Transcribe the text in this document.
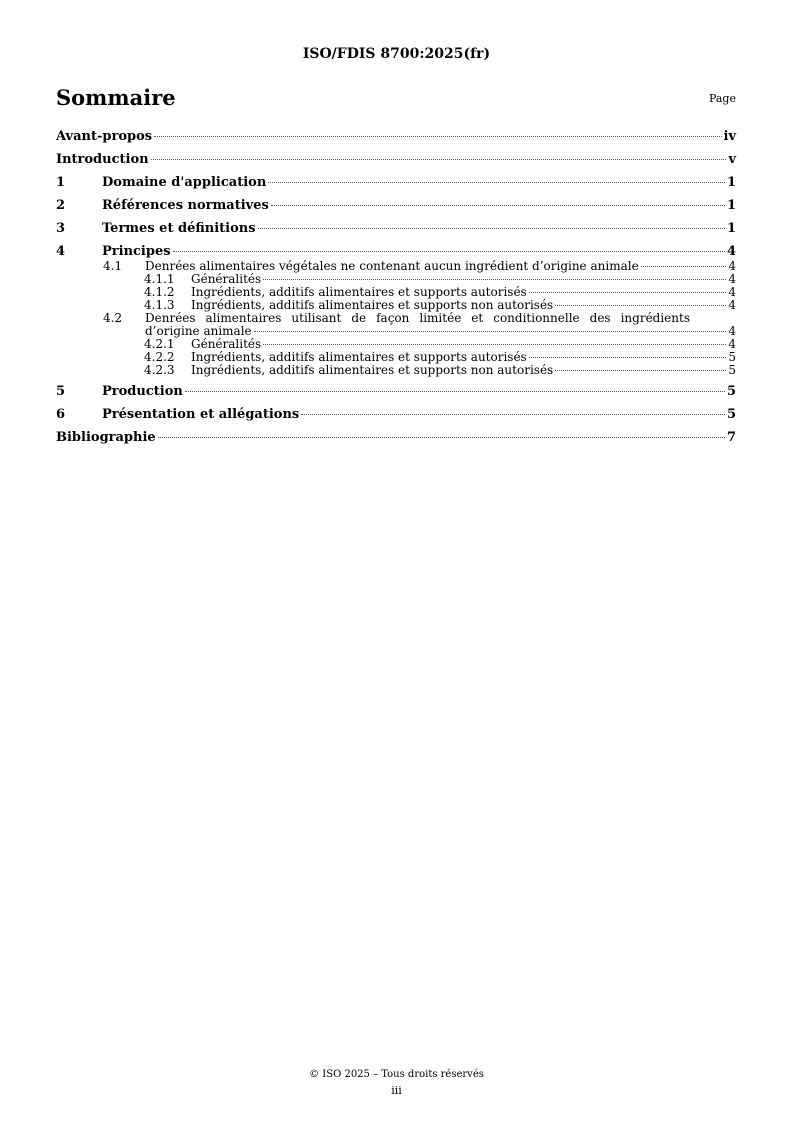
ISO/FDIS 8700:2025(fr)
Sommaire	Page
Avant-propos	iv
Introduction	v
1	Domaine d'application	1
2	Références normatives	1
3	Termes et définitions	1
4	Principes	4
4.1	Denrées alimentaires végétales ne contenant aucun ingrédient d’origine animale	4
4.1.1	Généralités	4
4.1.2	Ingrédients, additifs alimentaires et supports autorisés	4
4.1.3	Ingrédients, additifs alimentaires et supports non autorisés	4
4.2	Denrées alimentaires utilisant de façon limitée et conditionnelle des ingrédients
d’origine animale	4
4.2.1	Généralités	4
4.2.2	Ingrédients, additifs alimentaires et supports autorisés	5
4.2.3	Ingrédients, additifs alimentaires et supports non autorisés	5
5	Production	5
6	Présentation et allégations	5
Bibliographie	7
© ISO 2025 – Tous droits réservés
iii
